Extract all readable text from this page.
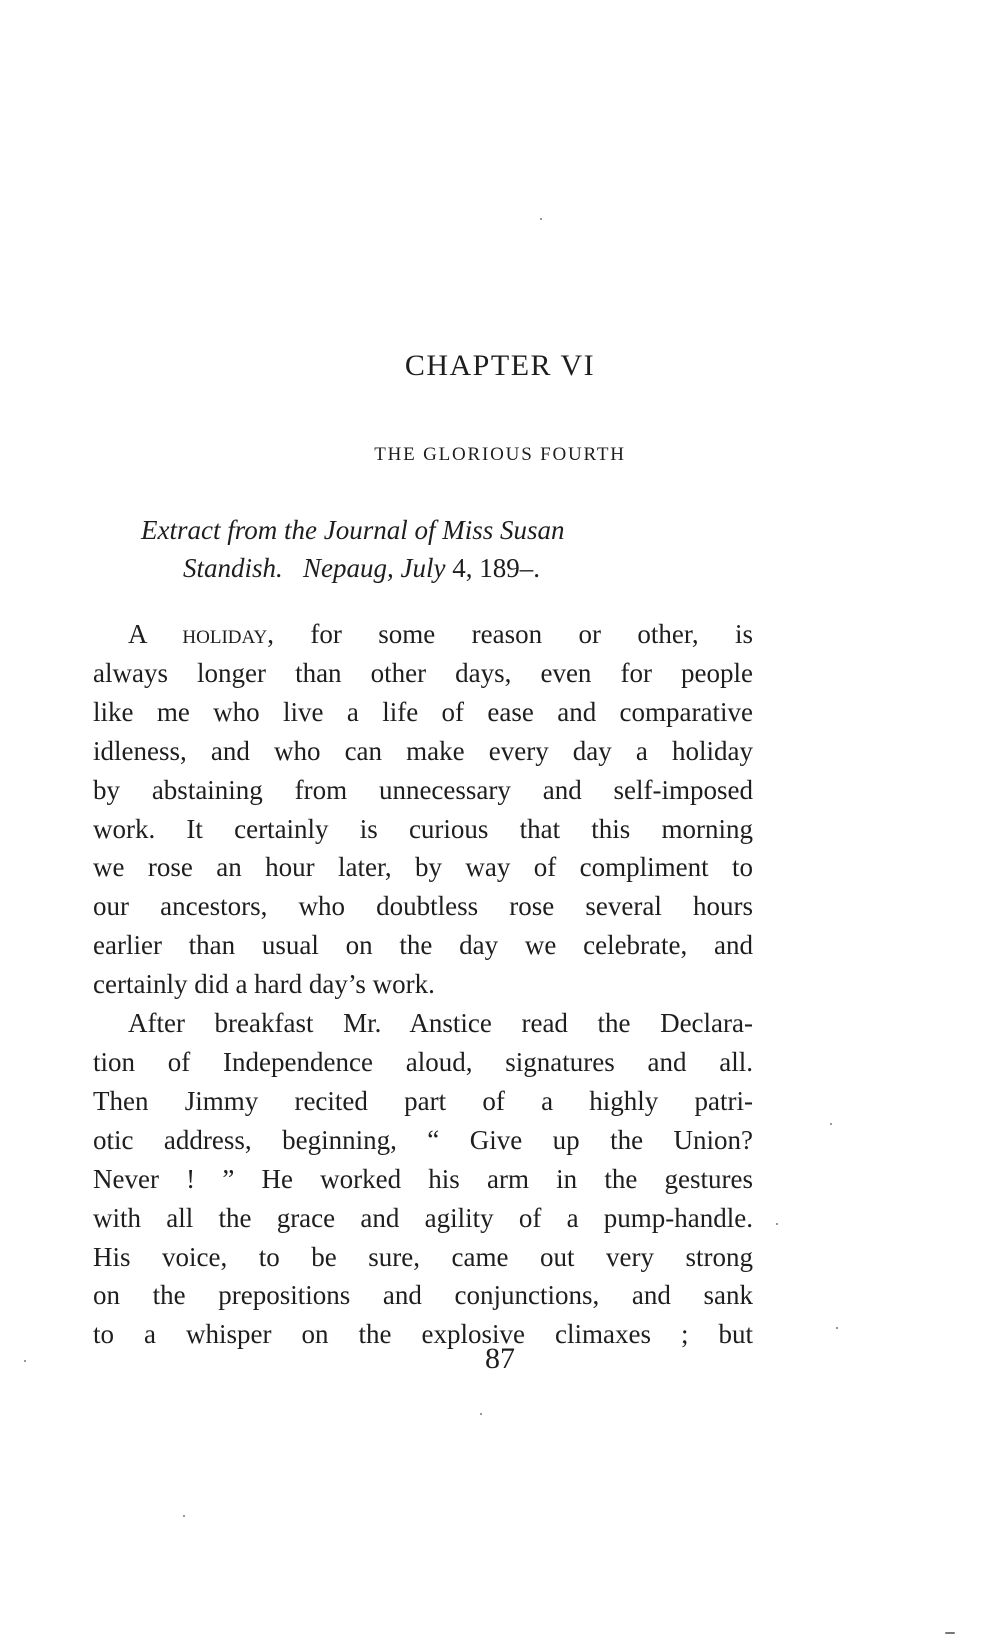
CHAPTER VI
THE GLORIOUS FOURTH
Extract from the Journal of Miss Susan
Standish. Nepaug, July 4, 189–.
A holiday, for some reason or other, is
always longer than other days, even for people
like me who live a life of ease and comparative
idleness, and who can make every day a holiday
by abstaining from unnecessary and self-imposed
work. It certainly is curious that this morning
we rose an hour later, by way of compliment to
our ancestors, who doubtless rose several hours
earlier than usual on the day we celebrate, and
certainly did a hard day’s work.
After breakfast Mr. Anstice read the Declara-
tion of Independence aloud, signatures and all.
Then Jimmy recited part of a highly patri-
otic address, beginning, “ Give up the Union?
Never ! ” He worked his arm in the gestures
with all the grace and agility of a pump-handle.
His voice, to be sure, came out very strong
on the prepositions and conjunctions, and sank
to a whisper on the explosive climaxes ; but
87
